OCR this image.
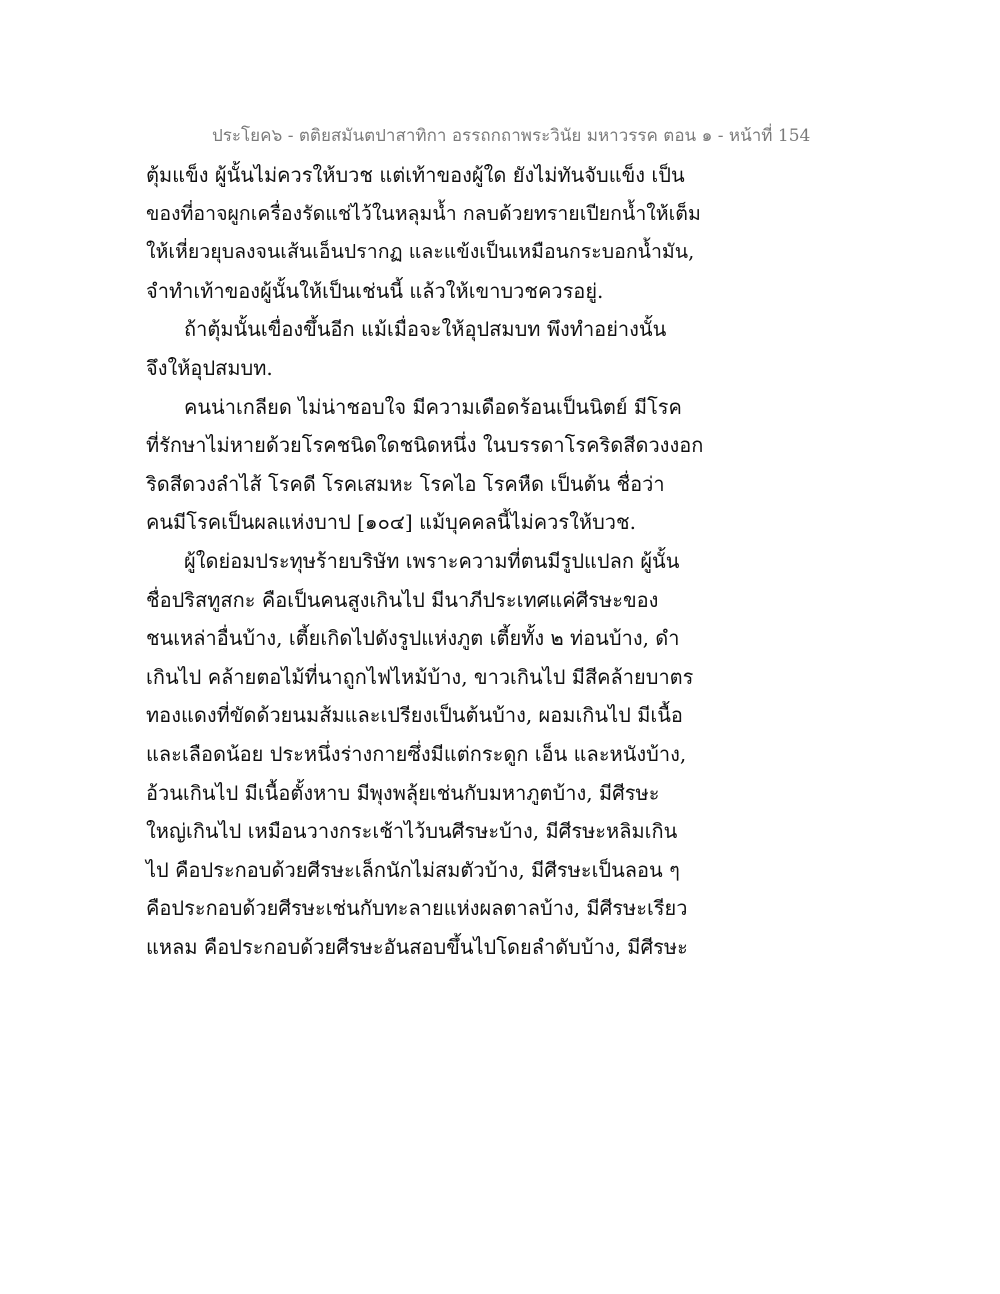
ประโยค๖ - ตติยสมันตปาสาทิกา อรรถกถาพระวินัย มหาวรรค ตอน ๑ - หน้าที่ 154
ตุ้มแข็ง ผู้นั้นไม่ควรให้บวช แต่เท้าของผู้ใด ยังไม่ทันจับแข็ง เป็น
ของที่อาจผูกเครื่องรัดแช่ไว้ในหลุมน้ำ กลบด้วยทรายเปียกน้ำให้เต็ม
ให้เหี่ยวยุบลงจนเส้นเอ็นปรากฏ และแข้งเป็นเหมือนกระบอกน้ำมัน,
จำทำเท้าของผู้นั้นให้เป็นเช่นนี้ แล้วให้เขาบวชควรอยู่.
ถ้าตุ้มนั้นเขื่องขึ้นอีก แม้เมื่อจะให้อุปสมบท พึงทำอย่างนั้น
จึงให้อุปสมบท.
คนน่าเกลียด ไม่น่าชอบใจ มีความเดือดร้อนเป็นนิตย์ มีโรค
ที่รักษาไม่หายด้วยโรคชนิดใดชนิดหนึ่ง ในบรรดาโรคริดสีดวงงอก
ริดสีดวงลำไส้ โรคดี โรคเสมหะ โรคไอ โรคหืด เป็นต้น ชื่อว่า
คนมีโรคเป็นผลแห่งบาป [๑๐๔] แม้บุคคลนี้ไม่ควรให้บวช.
ผู้ใดย่อมประทุษร้ายบริษัท เพราะความที่ตนมีรูปแปลก ผู้นั้น
ชื่อปริสทูสกะ คือเป็นคนสูงเกินไป มีนาภีประเทศแค่ศีรษะของ
ชนเหล่าอื่นบ้าง, เตี้ยเกิดไปดังรูปแห่งภูต เตี้ยทั้ง ๒ ท่อนบ้าง, ดำ
เกินไป คล้ายตอไม้ที่นาถูกไฟไหม้บ้าง, ขาวเกินไป มีสีคล้ายบาตร
ทองแดงที่ขัดด้วยนมส้มและเปรียงเป็นต้นบ้าง, ผอมเกินไป มีเนื้อ
และเลือดน้อย ประหนึ่งร่างกายซึ่งมีแต่กระดูก เอ็น และหนังบ้าง,
อ้วนเกินไป มีเนื้อตั้งหาบ มีพุงพลุ้ยเช่นกับมหาภูตบ้าง, มีศีรษะ
ใหญ่เกินไป เหมือนวางกระเช้าไว้บนศีรษะบ้าง, มีศีรษะหลิมเกิน
ไป คือประกอบด้วยศีรษะเล็กนักไม่สมตัวบ้าง, มีศีรษะเป็นลอน ๆ
คือประกอบด้วยศีรษะเช่นกับทะลายแห่งผลตาลบ้าง, มีศีรษะเรียว
แหลม คือประกอบด้วยศีรษะอันสอบขึ้นไปโดยลำดับบ้าง, มีศีรษะ
